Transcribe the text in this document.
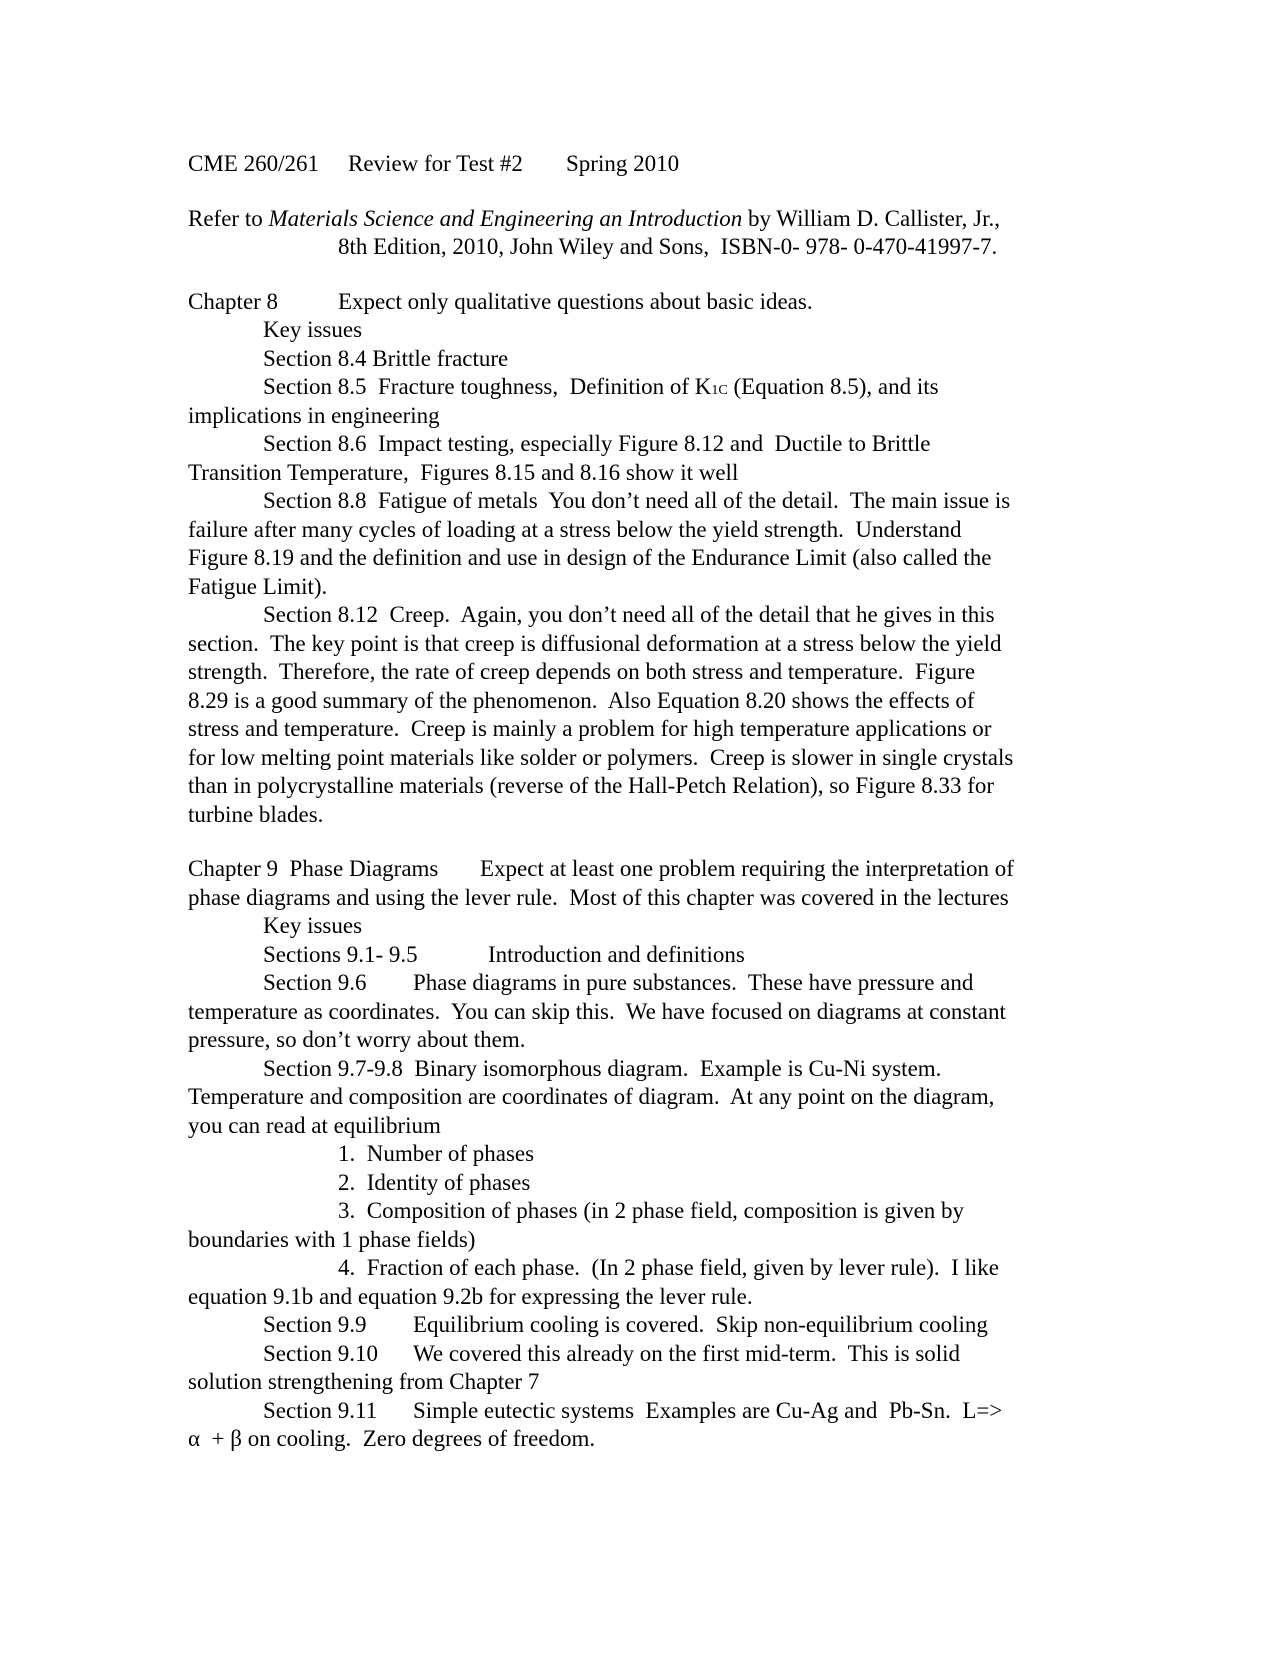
CME 260/261 Review for Test #2 Spring 2010
Refer to Materials Science and Engineering an Introduction by William D. Callister, Jr.,
8th Edition, 2010, John Wiley and Sons,  ISBN-0- 978- 0-470-41997-7.
Chapter 8	Expect only qualitative questions about basic ideas.
Key issues
Section 8.4 Brittle fracture
Section 8.5  Fracture toughness,  Definition of K1C (Equation 8.5), and its
implications in engineering
Section 8.6  Impact testing, especially Figure 8.12 and  Ductile to Brittle
Transition Temperature,  Figures 8.15 and 8.16 show it well
Section 8.8  Fatigue of metals  You don’t need all of the detail.  The main issue is
failure after many cycles of loading at a stress below the yield strength.  Understand
Figure 8.19 and the definition and use in design of the Endurance Limit (also called the
Fatigue Limit).
Section 8.12  Creep.  Again, you don’t need all of the detail that he gives in this
section.  The key point is that creep is diffusional deformation at a stress below the yield
strength.  Therefore, the rate of creep depends on both stress and temperature.  Figure
8.29 is a good summary of the phenomenon.  Also Equation 8.20 shows the effects of
stress and temperature.  Creep is mainly a problem for high temperature applications or
for low melting point materials like solder or polymers.  Creep is slower in single crystals
than in polycrystalline materials (reverse of the Hall-Petch Relation), so Figure 8.33 for
turbine blades.
Chapter 9  Phase Diagrams Expect at least one problem requiring the interpretation of
phase diagrams and using the lever rule.  Most of this chapter was covered in the lectures
Key issues
Sections 9.1- 9.5	Introduction and definitions
Section 9.6 Phase diagrams in pure substances.  These have pressure and
temperature as coordinates.  You can skip this.  We have focused on diagrams at constant
pressure, so don’t worry about them.
Section 9.7-9.8  Binary isomorphous diagram.  Example is Cu-Ni system.
Temperature and composition are coordinates of diagram.  At any point on the diagram,
you can read at equilibrium
1.  Number of phases
2.  Identity of phases
3.  Composition of phases (in 2 phase field, composition is given by
boundaries with 1 phase fields)
4.  Fraction of each phase.  (In 2 phase field, given by lever rule).  I like
equation 9.1b and equation 9.2b for expressing the lever rule.
Section 9.9 Equilibrium cooling is covered.  Skip non-equilibrium cooling
Section 9.10 We covered this already on the first mid-term.  This is solid
solution strengthening from Chapter 7
Section 9.11 Simple eutectic systems  Examples are Cu-Ag and  Pb-Sn.  L=>
α  + β on cooling.  Zero degrees of freedom.
